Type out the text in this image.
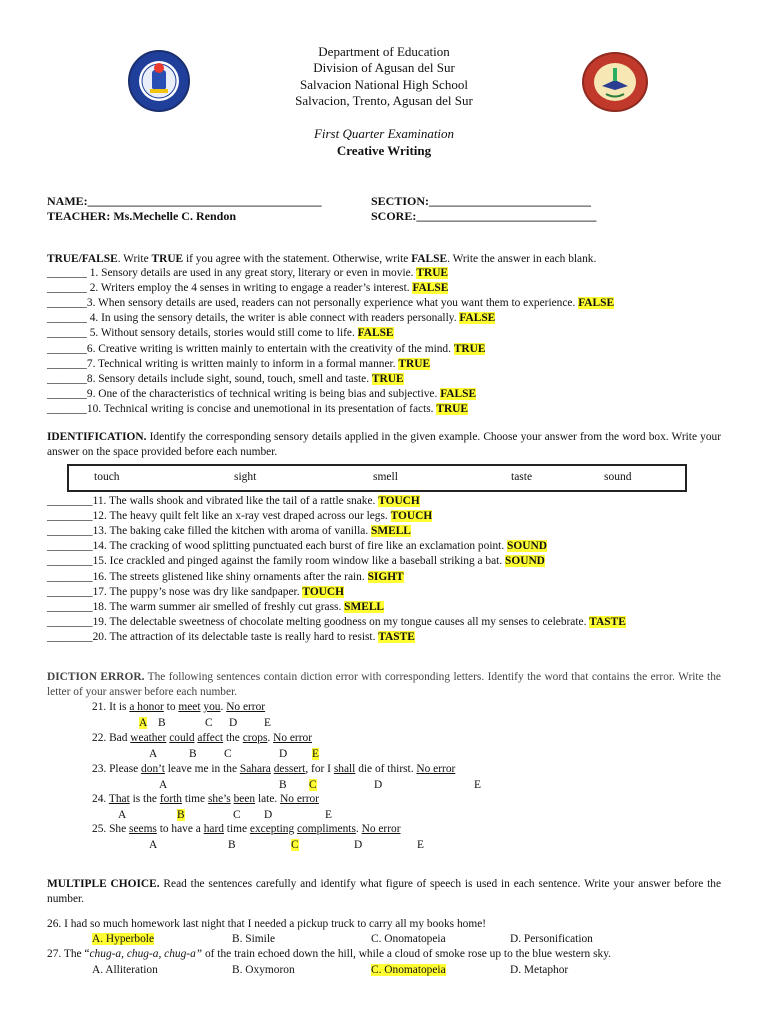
Department of Education
Division of Agusan del Sur
Salvacion National High School
Salvacion, Trento, Agusan del Sur
First Quarter Examination
Creative Writing
NAME:_______________________________________	SECTION:___________________________
TEACHER: Ms.Mechelle C. Rendon	SCORE:______________________________
TRUE/FALSE. Write TRUE if you agree with the statement. Otherwise, write FALSE. Write the answer in each blank.
_______ 1. Sensory details are used in any great story, literary or even in movie. TRUE
_______ 2. Writers employ the 4 senses in writing to engage a reader’s interest. FALSE
_______3. When sensory details are used, readers can not personally experience what you want them to experience. FALSE
_______ 4. In using the sensory details, the writer is able connect with readers personally. FALSE
_______ 5. Without sensory details, stories would still come to life. FALSE
_______6. Creative writing is written mainly to entertain with the creativity of the mind. TRUE
_______7. Technical writing is written mainly to inform in a formal manner. TRUE
_______8. Sensory details include sight, sound, touch, smell and taste. TRUE
_______9. One of the characteristics of technical writing is being bias and subjective. FALSE
_______10. Technical writing is concise and unemotional in its presentation of facts. TRUE
IDENTIFICATION. Identify the corresponding sensory details applied in the given example. Choose your answer from the word box. Write your answer on the space provided before each number.
touch	sight	smell	taste	sound
________11. The walls shook and vibrated like the tail of a rattle snake. TOUCH
________12. The heavy quilt felt like an x-ray vest draped across our legs. TOUCH
________13. The baking cake filled the kitchen with aroma of vanilla. SMELL
________14. The cracking of wood splitting punctuated each burst of fire like an exclamation point. SOUND
________15. Ice crackled and pinged against the family room window like a baseball striking a bat. SOUND
________16. The streets glistened like shiny ornaments after the rain. SIGHT
________17. The puppy’s nose was dry like sandpaper. TOUCH
________18. The warm summer air smelled of freshly cut grass. SMELL
________19. The delectable sweetness of chocolate melting goodness on my tongue causes all my senses to celebrate. TASTE
________20. The attraction of its delectable taste is really hard to resist. TASTE
DICTION ERROR. The following sentences contain diction error with corresponding letters. Identify the word that contains the error. Write the letter of your answer before each number.
21. It is a honor to meet you. No error
A B	C D E
22. Bad weather could affect the crops. No error
A	B C	D E
23. Please don’t leave me in the Sahara dessert, for I shall die of thirst. No error
A	B C	D	E
24. That is the forth time she’s been late. No error
A	B	C D	E
25. She seems to have a hard time excepting compliments. No error
A	B	C	D	E
MULTIPLE CHOICE. Read the sentences carefully and identify what figure of speech is used in each sentence. Write your answer before the number.
26. I had so much homework last night that I needed a pickup truck to carry all my books home!
A. Hyperbole	B. Simile	C. Onomatopeia	D. Personification
27. The “chug-a, chug-a, chug-a” of the train echoed down the hill, while a cloud of smoke rose up to the blue western sky.
A. Alliteration	B. Oxymoron	C. Onomatopeia	D. Metaphor
